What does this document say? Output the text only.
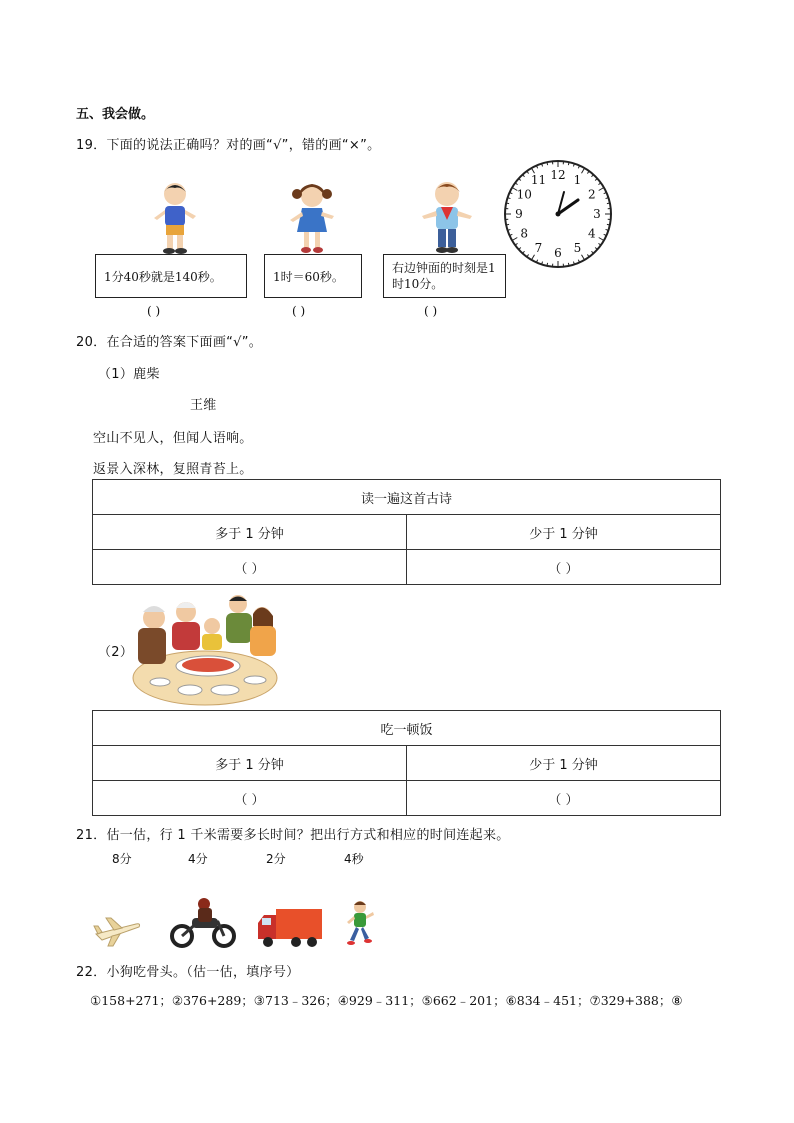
五、我会做。
19．下面的说法正确吗？对的画“√”，错的画“×”。
1分40秒就是140秒。	1时＝60秒。
右边钟面的时刻是1时10分。
( )	( )	( )
12 1
2
3
4
5
6
7
8
9
10
11
20．在合适的答案下面画“√”。
（1）鹿柴
王维
空山不见人，但闻人语响。
返景入深林，复照青苔上。
读一遍这首古诗	
多于 1 分钟	少于 1 分钟
（ ）	（ ）
（2）
吃一顿饭	
多于 1 分钟	少于 1 分钟
（ ）	（ ）
21．估一估，行 1 千米需要多长时间？把出行方式和相应的时间连起来。
8分	4分	2分	4秒
22．小狗吃骨头。（估一估，填序号）
①158+271；②376+289；③713﹣326；④929﹣311；⑤662﹣201；⑥834﹣451；⑦329+388；⑧
